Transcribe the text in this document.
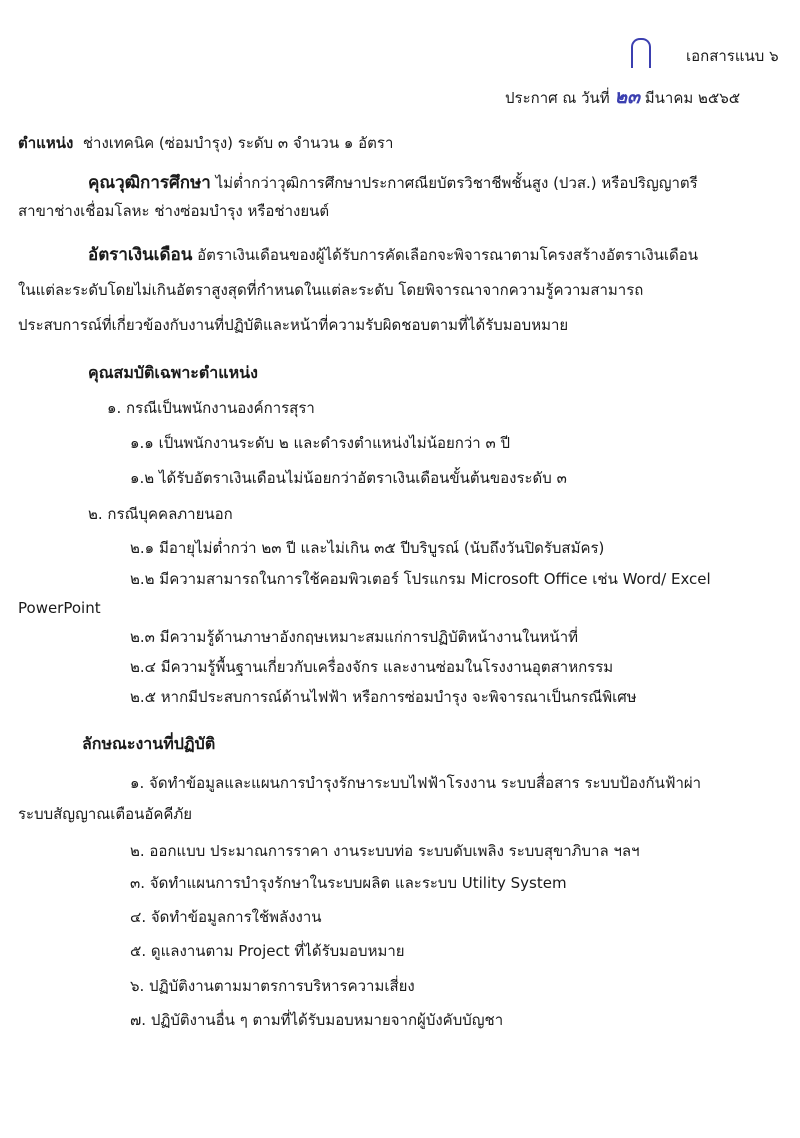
เอกสารแนบ ๖
ประกาศ ณ วันที่ ๒๓ มีนาคม ๒๕๖๕
ตำแหน่ง ช่างเทคนิค (ซ่อมบำรุง) ระดับ ๓ จำนวน ๑ อัตรา
คุณวุฒิการศึกษา ไม่ต่ำกว่าวุฒิการศึกษาประกาศณียบัตรวิชาชีพชั้นสูง (ปวส.) หรือปริญญาตรี
สาขาช่างเชื่อมโลหะ ช่างซ่อมบำรุง หรือช่างยนต์
อัตราเงินเดือน อัตราเงินเดือนของผู้ได้รับการคัดเลือกจะพิจารณาตามโครงสร้างอัตราเงินเดือน
ในแต่ละระดับโดยไม่เกินอัตราสูงสุดที่กำหนดในแต่ละระดับ โดยพิจารณาจากความรู้ความสามารถ
ประสบการณ์ที่เกี่ยวข้องกับงานที่ปฏิบัติและหน้าที่ความรับผิดชอบตามที่ได้รับมอบหมาย
คุณสมบัติเฉพาะตำแหน่ง
๑. กรณีเป็นพนักงานองค์การสุรา
๑.๑ เป็นพนักงานระดับ ๒ และดำรงตำแหน่งไม่น้อยกว่า ๓ ปี
๑.๒ ได้รับอัตราเงินเดือนไม่น้อยกว่าอัตราเงินเดือนขั้นต้นของระดับ ๓
๒. กรณีบุคคลภายนอก
๒.๑ มีอายุไม่ต่ำกว่า ๒๓ ปี และไม่เกิน ๓๕ ปีบริบูรณ์ (นับถึงวันปิดรับสมัคร)
๒.๒ มีความสามารถในการใช้คอมพิวเตอร์ โปรแกรม Microsoft Office เช่น Word/ Excel
PowerPoint
๒.๓ มีความรู้ด้านภาษาอังกฤษเหมาะสมแก่การปฏิบัติหน้างานในหน้าที่
๒.๔ มีความรู้พื้นฐานเกี่ยวกับเครื่องจักร และงานซ่อมในโรงงานอุตสาหกรรม
๒.๕ หากมีประสบการณ์ด้านไฟฟ้า หรือการซ่อมบำรุง จะพิจารณาเป็นกรณีพิเศษ
ลักษณะงานที่ปฏิบัติ
๑. จัดทำข้อมูลและแผนการบำรุงรักษาระบบไฟฟ้าโรงงาน ระบบสื่อสาร ระบบป้องกันฟ้าผ่า
ระบบสัญญาณเตือนอัคคีภัย
๒. ออกแบบ ประมาณการราคา งานระบบท่อ ระบบดับเพลิง ระบบสุขาภิบาล ฯลฯ
๓. จัดทำแผนการบำรุงรักษาในระบบผลิต และระบบ Utility System
๔. จัดทำข้อมูลการใช้พลังงาน
๕. ดูแลงานตาม Project ที่ได้รับมอบหมาย
๖. ปฏิบัติงานตามมาตรการบริหารความเสี่ยง
๗. ปฏิบัติงานอื่น ๆ ตามที่ได้รับมอบหมายจากผู้บังคับบัญชา
